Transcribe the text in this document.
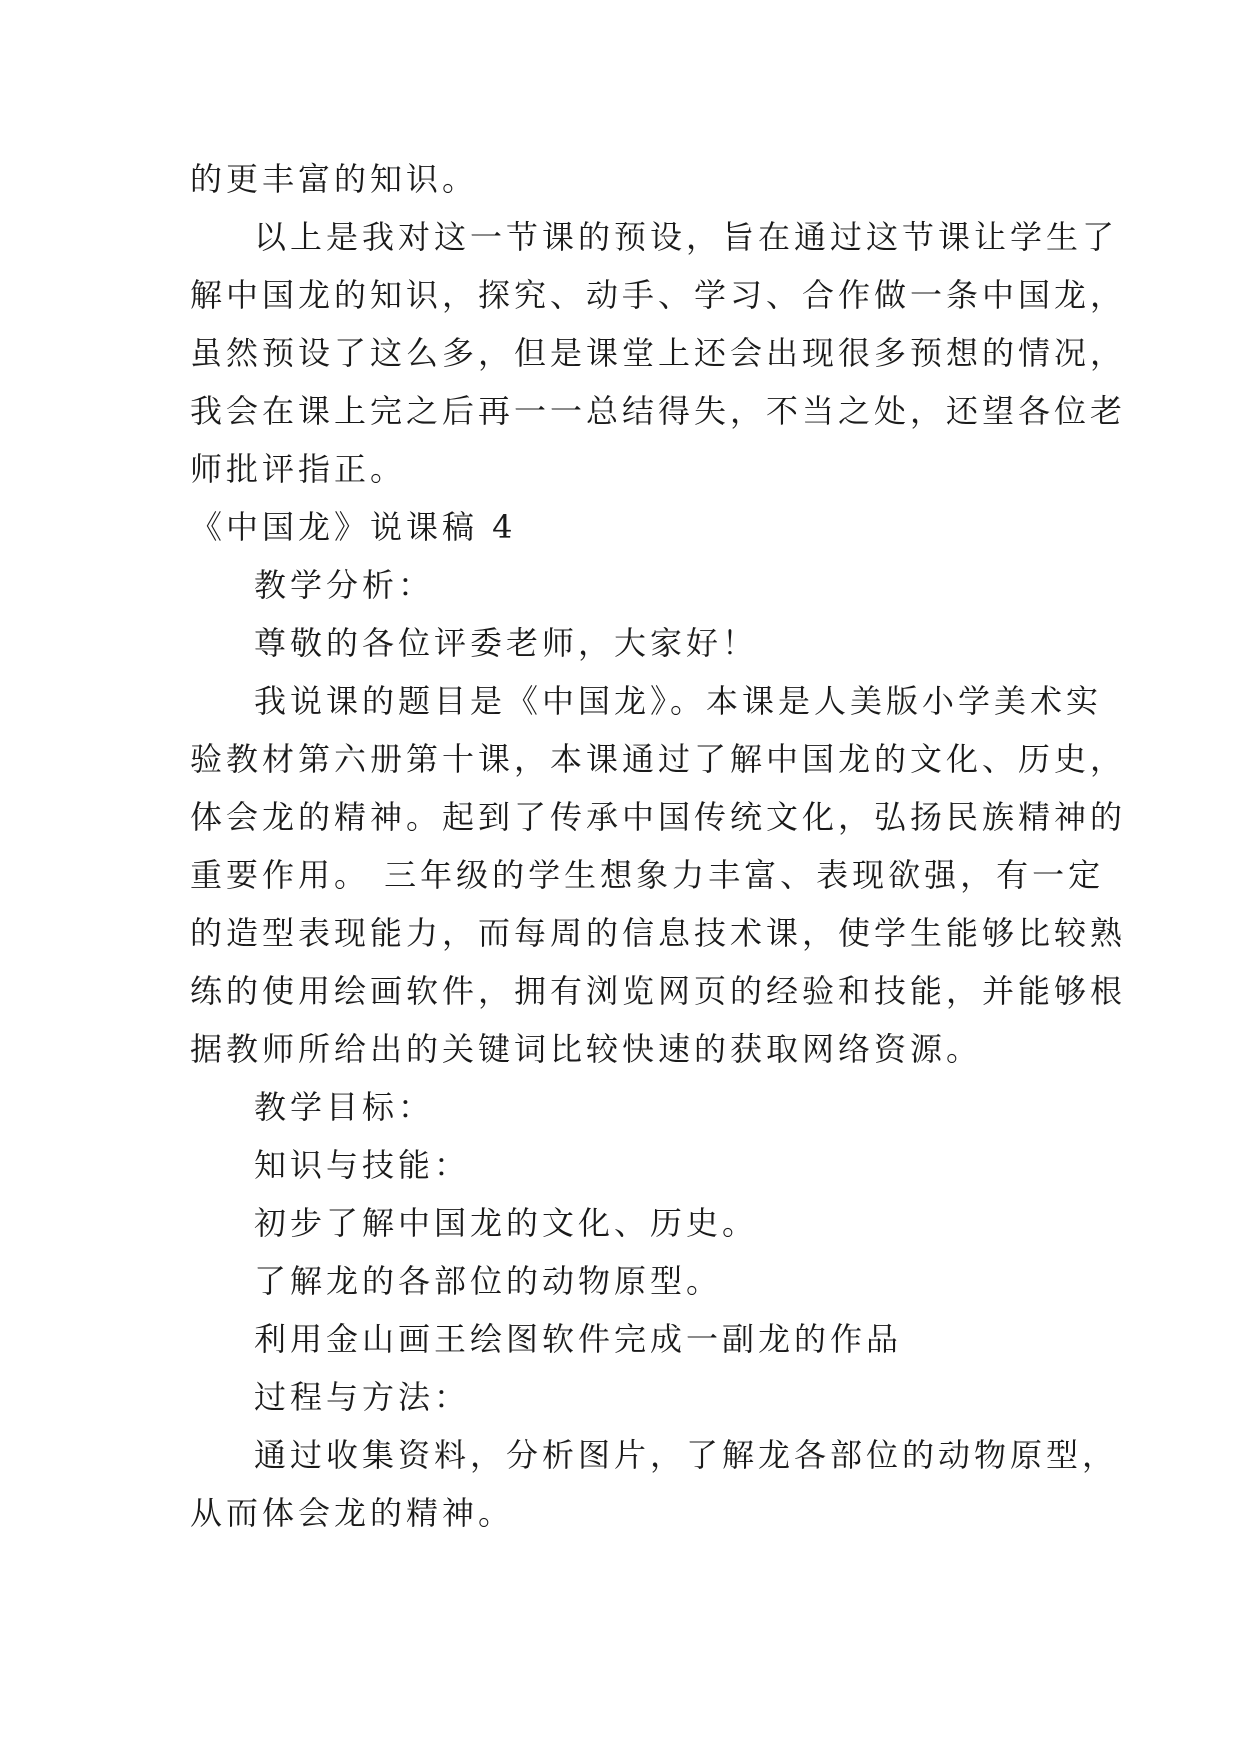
的更丰富的知识。

以上是我对这一节课的预设，旨在通过这节课让学生了

解中国龙的知识，探究、动手、学习、合作做一条中国龙，

虽然预设了这么多，但是课堂上还会出现很多预想的情况，

我会在课上完之后再一一总结得失，不当之处，还望各位老

师批评指正。

《中国龙》说课稿 4

教学分析：

尊敬的各位评委老师，大家好！

我说课的题目是《中国龙》。本课是人美版小学美术实

验教材第六册第十课，本课通过了解中国龙的文化、历史，

体会龙的精神。起到了传承中国传统文化，弘扬民族精神的

重要作用。 三年级的学生想象力丰富、表现欲强，有一定

的造型表现能力，而每周的信息技术课，使学生能够比较熟

练的使用绘画软件，拥有浏览网页的经验和技能，并能够根

据教师所给出的关键词比较快速的获取网络资源。

教学目标：

知识与技能：

初步了解中国龙的文化、历史。

了解龙的各部位的动物原型。

利用金山画王绘图软件完成一副龙的作品

过程与方法：

通过收集资料，分析图片，了解龙各部位的动物原型，

从而体会龙的精神。
